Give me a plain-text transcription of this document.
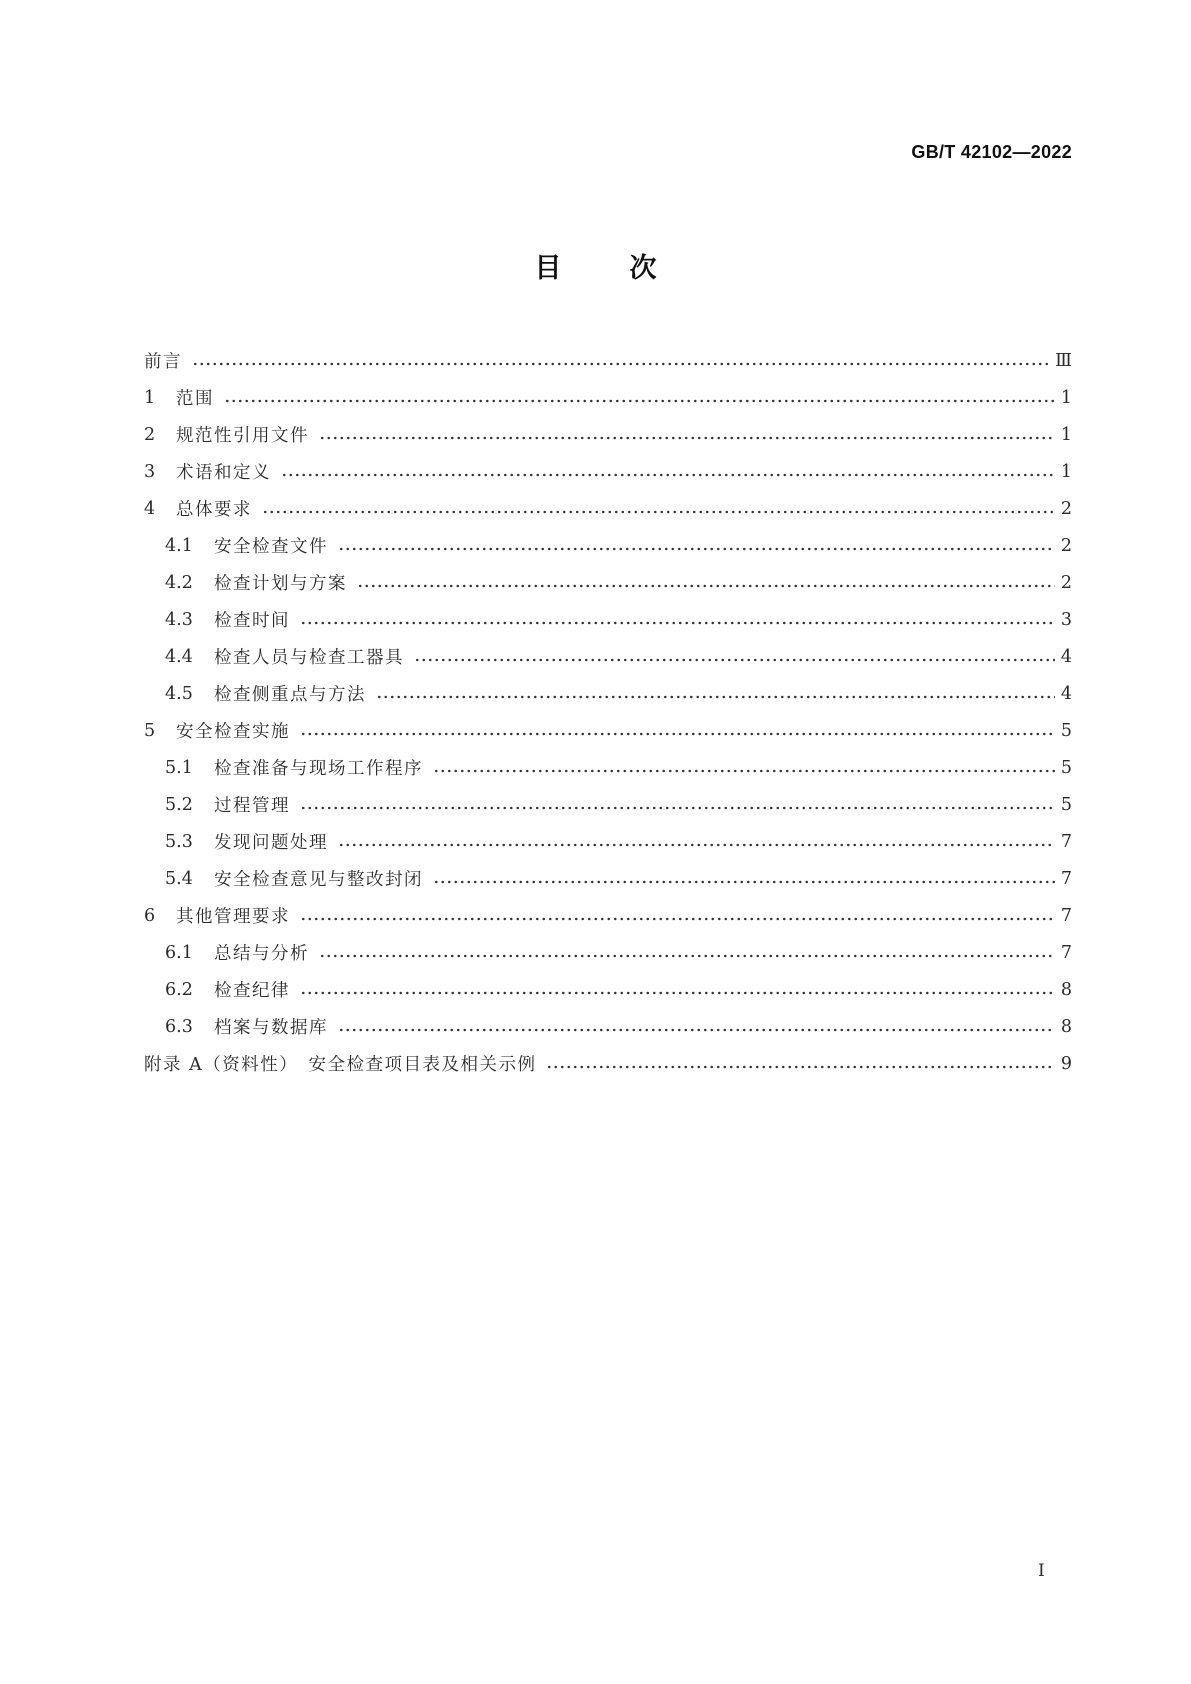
GB/T 42102—2022
目	次
前言	Ⅲ
1	范围	1
2	规范性引用文件	1
3	术语和定义	1
4	总体要求	2
4.1	安全检查文件	2
4.2	检查计划与方案	2
4.3	检查时间	3
4.4	检查人员与检查工器具	4
4.5	检查侧重点与方法	4
5	安全检查实施	5
5.1	检查准备与现场工作程序	5
5.2	过程管理	5
5.3	发现问题处理	7
5.4	安全检查意见与整改封闭	7
6	其他管理要求	7
6.1	总结与分析	7
6.2	检查纪律	8
6.3	档案与数据库	8
附录 A（资料性）　安全检查项目表及相关示例	9
I
